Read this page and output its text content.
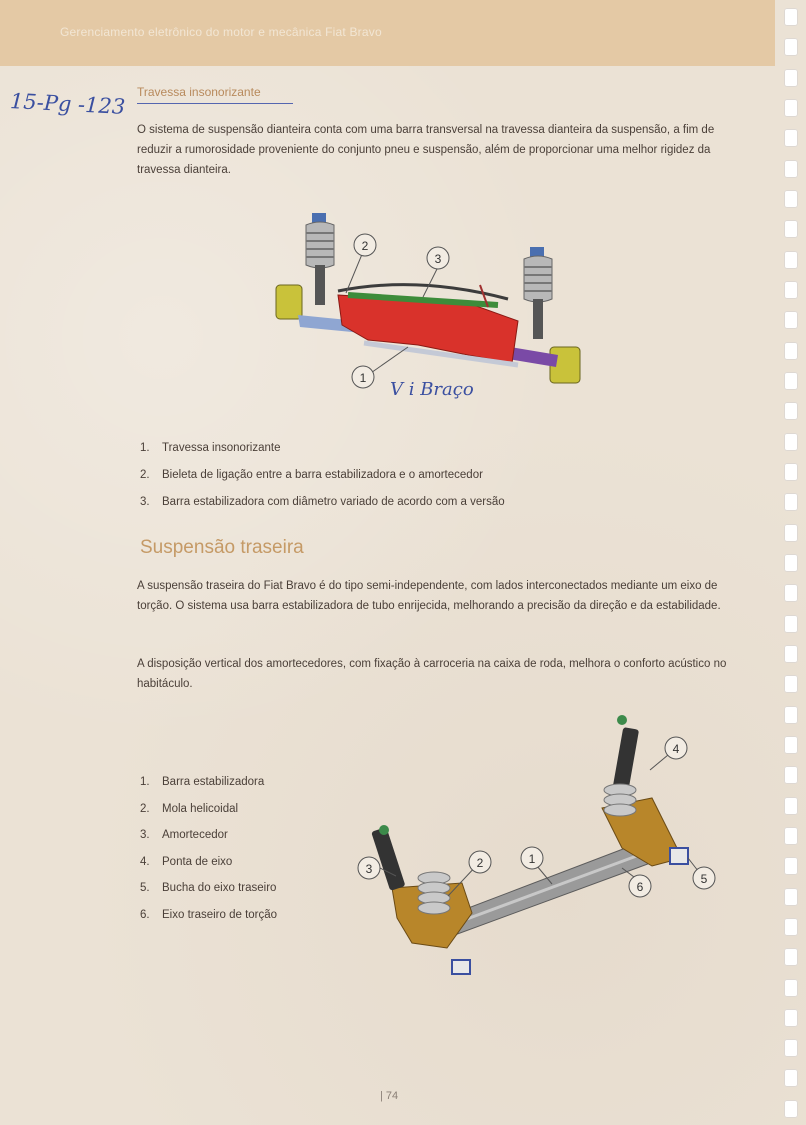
Gerenciamento eletrônico do motor e mecânica Fiat Bravo
15-Pg -123 Travessa insonorizante

O sistema de suspensão dianteira conta com uma barra transversal na travessa dianteira da suspensão, a fim de reduzir a rumorosidade proveniente do conjunto pneu e suspensão, além de proporcionar uma melhor rigidez da travessa dianteira.

2
3
1
V i Braço
1. Travessa insonorizante
2. Bieleta de ligação entre a barra estabilizadora e o amortecedor
3. Barra estabilizadora com diâmetro variado de acordo com a versão
Suspensão traseira

A suspensão traseira do Fiat Bravo é do tipo semi-independente, com lados interconectados mediante um eixo de torção. O sistema usa barra estabilizadora de tubo enrijecida, melhorando a precisão da direção e da estabilidade.

A disposição vertical dos amortecedores, com fixação à carroceria na caixa de roda, melhora o conforto acústico no habitáculo.

1. Barra estabilizadora
2. Mola helicoidal
3. Amortecedor
4. Ponta de eixo
5. Bucha do eixo traseiro
6. Eixo traseiro de torção
4
3	2	1
6
5
| 74
